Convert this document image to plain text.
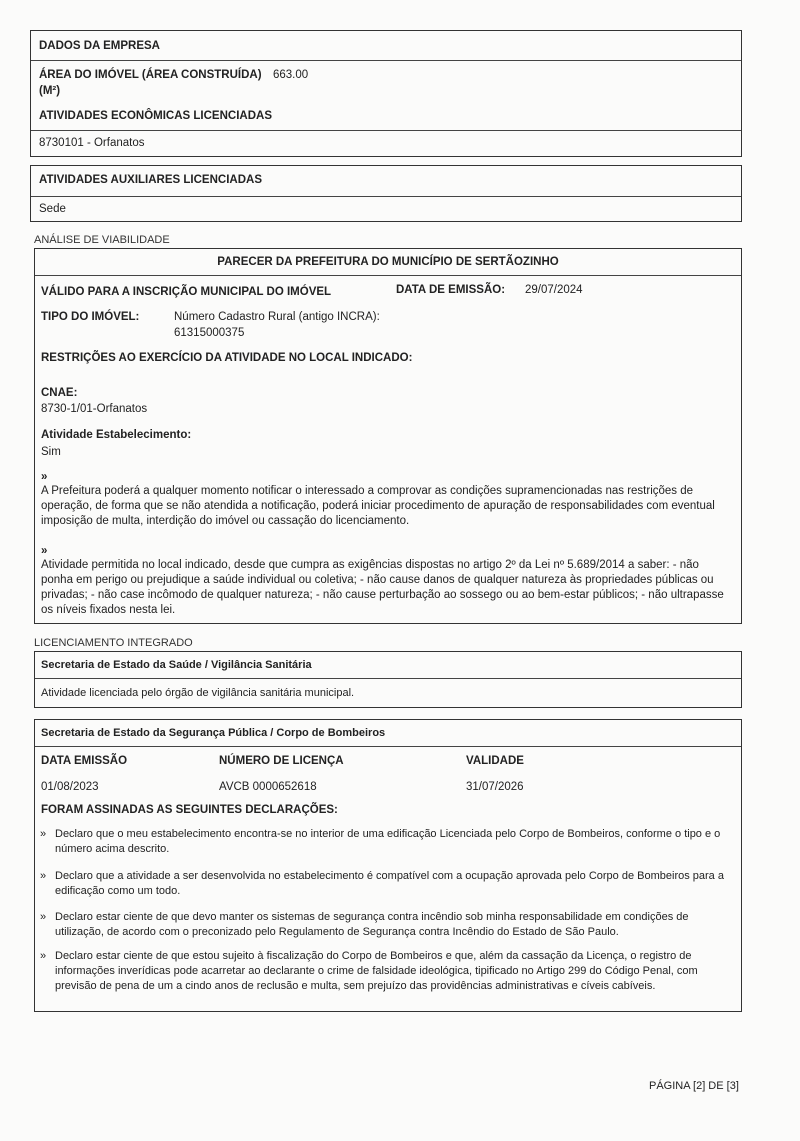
DADOS DA EMPRESA
ÁREA DO IMÓVEL (ÁREA CONSTRUÍDA)
(M²)
663.00
ATIVIDADES ECONÔMICAS LICENCIADAS
8730101 - Orfanatos
ATIVIDADES AUXILIARES LICENCIADAS
Sede
ANÁLISE DE VIABILIDADE
PARECER DA PREFEITURA DO MUNICÍPIO DE SERTÃOZINHO
VÁLIDO PARA A INSCRIÇÃO MUNICIPAL DO IMÓVEL	DATA DE EMISSÃO: 29/07/2024
TIPO DO IMÓVEL:	Número Cadastro Rural (antigo INCRA):
61315000375
RESTRIÇÕES AO EXERCÍCIO DA ATIVIDADE NO LOCAL INDICADO:
CNAE:
8730-1/01-Orfanatos
Atividade Estabelecimento:
Sim
»
A Prefeitura poderá a qualquer momento notificar o interessado a comprovar as condições supramencionadas nas restrições de operação, de forma que se não atendida a notificação, poderá iniciar procedimento de apuração de responsabilidades com eventual imposição de multa, interdição do imóvel ou cassação do licenciamento.
»
Atividade permitida no local indicado, desde que cumpra as exigências dispostas no artigo 2º da Lei nº 5.689/2014 a saber: - não ponha em perigo ou prejudique a saúde individual ou coletiva; - não cause danos de qualquer natureza às propriedades públicas ou privadas; - não case incômodo de qualquer natureza; - não cause perturbação ao sossego ou ao bem-estar públicos; - não ultrapasse os níveis fixados nesta lei.
LICENCIAMENTO INTEGRADO
Secretaria de Estado da Saúde / Vigilância Sanitária
Atividade licenciada pelo órgão de vigilância sanitária municipal.
Secretaria de Estado da Segurança Pública / Corpo de Bombeiros
DATA EMISSÃO	NÚMERO DE LICENÇA	VALIDADE
01/08/2023	AVCB 0000652618	31/07/2026
FORAM ASSINADAS AS SEGUINTES DECLARAÇÕES:
» Declaro que o meu estabelecimento encontra-se no interior de uma edificação Licenciada pelo Corpo de Bombeiros, conforme o tipo e o número acima descrito.
» Declaro que a atividade a ser desenvolvida no estabelecimento é compatível com a ocupação aprovada pelo Corpo de Bombeiros para a edificação como um todo.
» Declaro estar ciente de que devo manter os sistemas de segurança contra incêndio sob minha responsabilidade em condições de utilização, de acordo com o preconizado pelo Regulamento de Segurança contra Incêndio do Estado de São Paulo.
» Declaro estar ciente de que estou sujeito à fiscalização do Corpo de Bombeiros e que, além da cassação da Licença, o registro de informações inverídicas pode acarretar ao declarante o crime de falsidade ideológica, tipificado no Artigo 299 do Código Penal, com previsão de pena de um a cindo anos de reclusão e multa, sem prejuízo das providências administrativas e cíveis cabíveis.
PÁGINA [2] DE [3]
